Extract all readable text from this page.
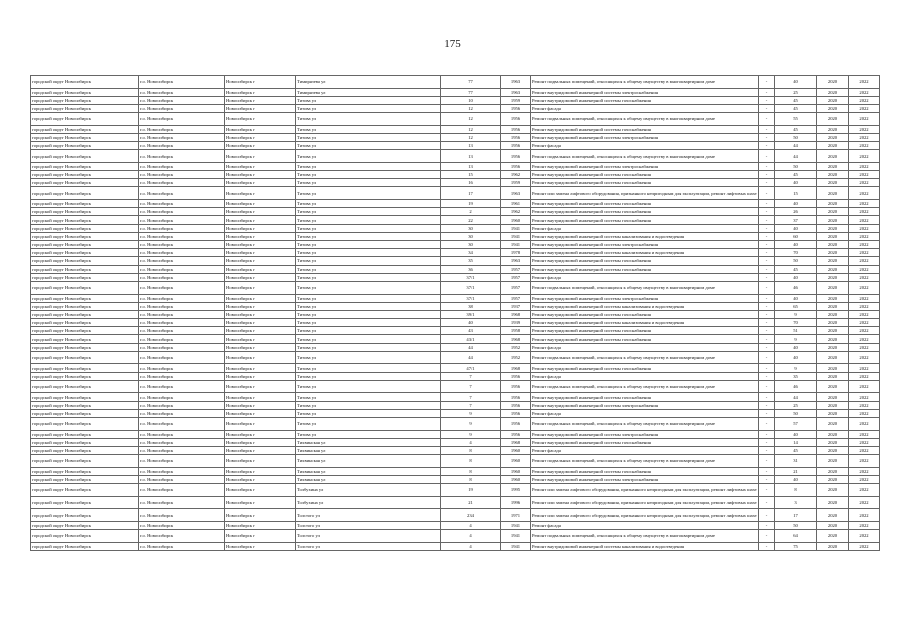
175
городской округ Новосибирск	г.о. Новосибирск	Новосибирск г	Тимирязева ул	77	1963	Ремонт подвальных помещений, относящихся к общему имуществу в многоквартирном доме	-	40	2020	2022
городской округ Новосибирск	г.о. Новосибирск	Новосибирск г	Тимирязева ул	77	1963	Ремонт внутридомовой инженерной системы электроснабжения	-	25	2020	2022
городской округ Новосибирск	г.о. Новосибирск	Новосибирск г	Титова ул	10	1959	Ремонт внутридомовой инженерной системы газоснабжения	-	45	2020	2022
городской округ Новосибирск	г.о. Новосибирск	Новосибирск г	Титова ул	12	1956	Ремонт фасада	-	45	2020	2022
городской округ Новосибирск	г.о. Новосибирск	Новосибирск г	Титова ул	12	1956	Ремонт подвальных помещений, относящихся к общему имуществу в многоквартирном доме	-	55	2020	2022
городской округ Новосибирск	г.о. Новосибирск	Новосибирск г	Титова ул	12	1956	Ремонт внутридомовой инженерной системы газоснабжения	-	45	2020	2022
городской округ Новосибирск	г.о. Новосибирск	Новосибирск г	Титова ул	12	1956	Ремонт внутридомовой инженерной системы электроснабжения	-	50	2020	2022
городской округ Новосибирск	г.о. Новосибирск	Новосибирск г	Титова ул	13	1956	Ремонт фасада	-	44	2020	2022
городской округ Новосибирск	г.о. Новосибирск	Новосибирск г	Титова ул	13	1956	Ремонт подвальных помещений, относящихся к общему имуществу в многоквартирном доме	-	44	2020	2022
городской округ Новосибирск	г.о. Новосибирск	Новосибирск г	Титова ул	13	1956	Ремонт внутридомовой инженерной системы электроснабжения	-	50	2020	2022
городской округ Новосибирск	г.о. Новосибирск	Новосибирск г	Титова ул	15	1962	Ремонт внутридомовой инженерной системы газоснабжения	-	45	2020	2022
городской округ Новосибирск	г.о. Новосибирск	Новосибирск г	Титова ул	16	1959	Ремонт внутридомовой инженерной системы газоснабжения	-	40	2020	2022
городской округ Новосибирск	г.о. Новосибирск	Новосибирск г	Титова ул	17	1963	Ремонт или замена лифтового оборудования, признанного непригодным для эксплуатации, ремонт лифтовых шахт	-	15	2020	2022
городской округ Новосибирск	г.о. Новосибирск	Новосибирск г	Титова ул	19	1961	Ремонт внутридомовой инженерной системы газоснабжения	-	40	2020	2022
городской округ Новосибирск	г.о. Новосибирск	Новосибирск г	Титова ул	2	1962	Ремонт внутридомовой инженерной системы газоснабжения	-	26	2020	2022
городской округ Новосибирск	г.о. Новосибирск	Новосибирск г	Титова ул	22	1960	Ремонт внутридомовой инженерной системы газоснабжения	-	37	2020	2022
городской округ Новосибирск	г.о. Новосибирск	Новосибирск г	Титова ул	30	1941	Ремонт фасада	-	40	2020	2022
городской округ Новосибирск	г.о. Новосибирск	Новосибирск г	Титова ул	30	1941	Ремонт внутридомовой инженерной системы канализования и водоотведения	-	60	2020	2022
городской округ Новосибирск	г.о. Новосибирск	Новосибирск г	Титова ул	30	1941	Ремонт внутридомовой инженерной системы электроснабжения	-	40	2020	2022
городской округ Новосибирск	г.о. Новосибирск	Новосибирск г	Титова ул	34	1978	Ремонт внутридомовой инженерной системы канализования и водоотведения	-	70	2020	2022
городской округ Новосибирск	г.о. Новосибирск	Новосибирск г	Титова ул	35	1963	Ремонт внутридомовой инженерной системы газоснабжения	-	50	2020	2022
городской округ Новосибирск	г.о. Новосибирск	Новосибирск г	Титова ул	36	1957	Ремонт внутридомовой инженерной системы газоснабжения	-	45	2020	2022
городской округ Новосибирск	г.о. Новосибирск	Новосибирск г	Титова ул	37/1	1957	Ремонт фасада	-	40	2020	2022
городской округ Новосибирск	г.о. Новосибирск	Новосибирск г	Титова ул	37/1	1957	Ремонт подвальных помещений, относящихся к общему имуществу в многоквартирном доме	-	46	2020	2022
городской округ Новосибирск	г.о. Новосибирск	Новосибирск г	Титова ул	37/1	1957	Ремонт внутридомовой инженерной системы электроснабжения	-	40	2020	2022
городской округ Новосибирск	г.о. Новосибирск	Новосибирск г	Титова ул	38	1937	Ремонт внутридомовой инженерной системы канализования и водоотведения	-	65	2020	2022
городской округ Новосибирск	г.о. Новосибирск	Новосибирск г	Титова ул	39/1	1968	Ремонт внутридомовой инженерной системы газоснабжения	-	9	2020	2022
городской округ Новосибирск	г.о. Новосибирск	Новосибирск г	Титова ул	40	1939	Ремонт внутридомовой инженерной системы канализования и водоотведения	-	70	2020	2022
городской округ Новосибирск	г.о. Новосибирск	Новосибирск г	Титова ул	43	1958	Ремонт внутридомовой инженерной системы газоснабжения	-	51	2020	2022
городской округ Новосибирск	г.о. Новосибирск	Новосибирск г	Титова ул	43/1	1968	Ремонт внутридомовой инженерной системы газоснабжения	-	9	2020	2022
городской округ Новосибирск	г.о. Новосибирск	Новосибирск г	Титова ул	44	1952	Ремонт фасада	-	40	2020	2022
городской округ Новосибирск	г.о. Новосибирск	Новосибирск г	Титова ул	44	1952	Ремонт подвальных помещений, относящихся к общему имуществу в многоквартирном доме	-	40	2020	2022
городской округ Новосибирск	г.о. Новосибирск	Новосибирск г	Титова ул	47/1	1968	Ремонт внутридомовой инженерной системы газоснабжения	-	9	2020	2022
городской округ Новосибирск	г.о. Новосибирск	Новосибирск г	Титова ул	7	1956	Ремонт фасада	-	35	2020	2022
городской округ Новосибирск	г.о. Новосибирск	Новосибирск г	Титова ул	7	1956	Ремонт подвальных помещений, относящихся к общему имуществу в многоквартирном доме	-	46	2020	2022
городской округ Новосибирск	г.о. Новосибирск	Новосибирск г	Титова ул	7	1956	Ремонт внутридомовой инженерной системы газоснабжения	-	44	2020	2022
городской округ Новосибирск	г.о. Новосибирск	Новосибирск г	Титова ул	7	1956	Ремонт внутридомовой инженерной системы электроснабжения	-	25	2020	2022
городской округ Новосибирск	г.о. Новосибирск	Новосибирск г	Титова ул	9	1956	Ремонт фасада	-	50	2020	2022
городской округ Новосибирск	г.о. Новосибирск	Новосибирск г	Титова ул	9	1956	Ремонт подвальных помещений, относящихся к общему имуществу в многоквартирном доме	-	57	2020	2022
городской округ Новосибирск	г.о. Новосибирск	Новосибирск г	Титова ул	9	1956	Ремонт внутридомовой инженерной системы электроснабжения	-	40	2020	2022
городской округ Новосибирск	г.о. Новосибирск	Новосибирск г	Тихвинская ул	4	1968	Ремонт внутридомовой инженерной системы газоснабжения	-	14	2020	2022
городской округ Новосибирск	г.о. Новосибирск	Новосибирск г	Тихвинская ул	8	1960	Ремонт фасада	-	45	2020	2022
городской округ Новосибирск	г.о. Новосибирск	Новосибирск г	Тихвинская ул	8	1960	Ремонт подвальных помещений, относящихся к общему имуществу в многоквартирном доме	-	31	2020	2022
городской округ Новосибирск	г.о. Новосибирск	Новосибирск г	Тихвинская ул	8	1960	Ремонт внутридомовой инженерной системы газоснабжения	-	21	2020	2022
городской округ Новосибирск	г.о. Новосибирск	Новосибирск г	Тихвинская ул	8	1960	Ремонт внутридомовой инженерной системы электроснабжения	-	40	2020	2022
городской округ Новосибирск	г.о. Новосибирск	Новосибирск г	Толбухина ул	19	1995	Ремонт или замена лифтового оборудования, признанного непригодным для эксплуатации, ремонт лифтовых шахт	-	8	2020	2022
городской округ Новосибирск	г.о. Новосибирск	Новосибирск г	Толбухина ул	21	1996	Ремонт или замена лифтового оборудования, признанного непригодным для эксплуатации, ремонт лифтовых шахт	-	3	2020	2022
городской округ Новосибирск	г.о. Новосибирск	Новосибирск г	Толстого ул	234	1971	Ремонт или замена лифтового оборудования, признанного непригодным для эксплуатации, ремонт лифтовых шахт	-	17	2020	2022
городской округ Новосибирск	г.о. Новосибирск	Новосибирск г	Толстого ул	4	1941	Ремонт фасада	-	50	2020	2022
городской округ Новосибирск	г.о. Новосибирск	Новосибирск г	Толстого ул	4	1941	Ремонт подвальных помещений, относящихся к общему имуществу в многоквартирном доме	-	64	2020	2022
городской округ Новосибирск	г.о. Новосибирск	Новосибирск г	Толстого ул	4	1941	Ремонт внутридомовой инженерной системы канализования и водоотведения	-	75	2020	2022
